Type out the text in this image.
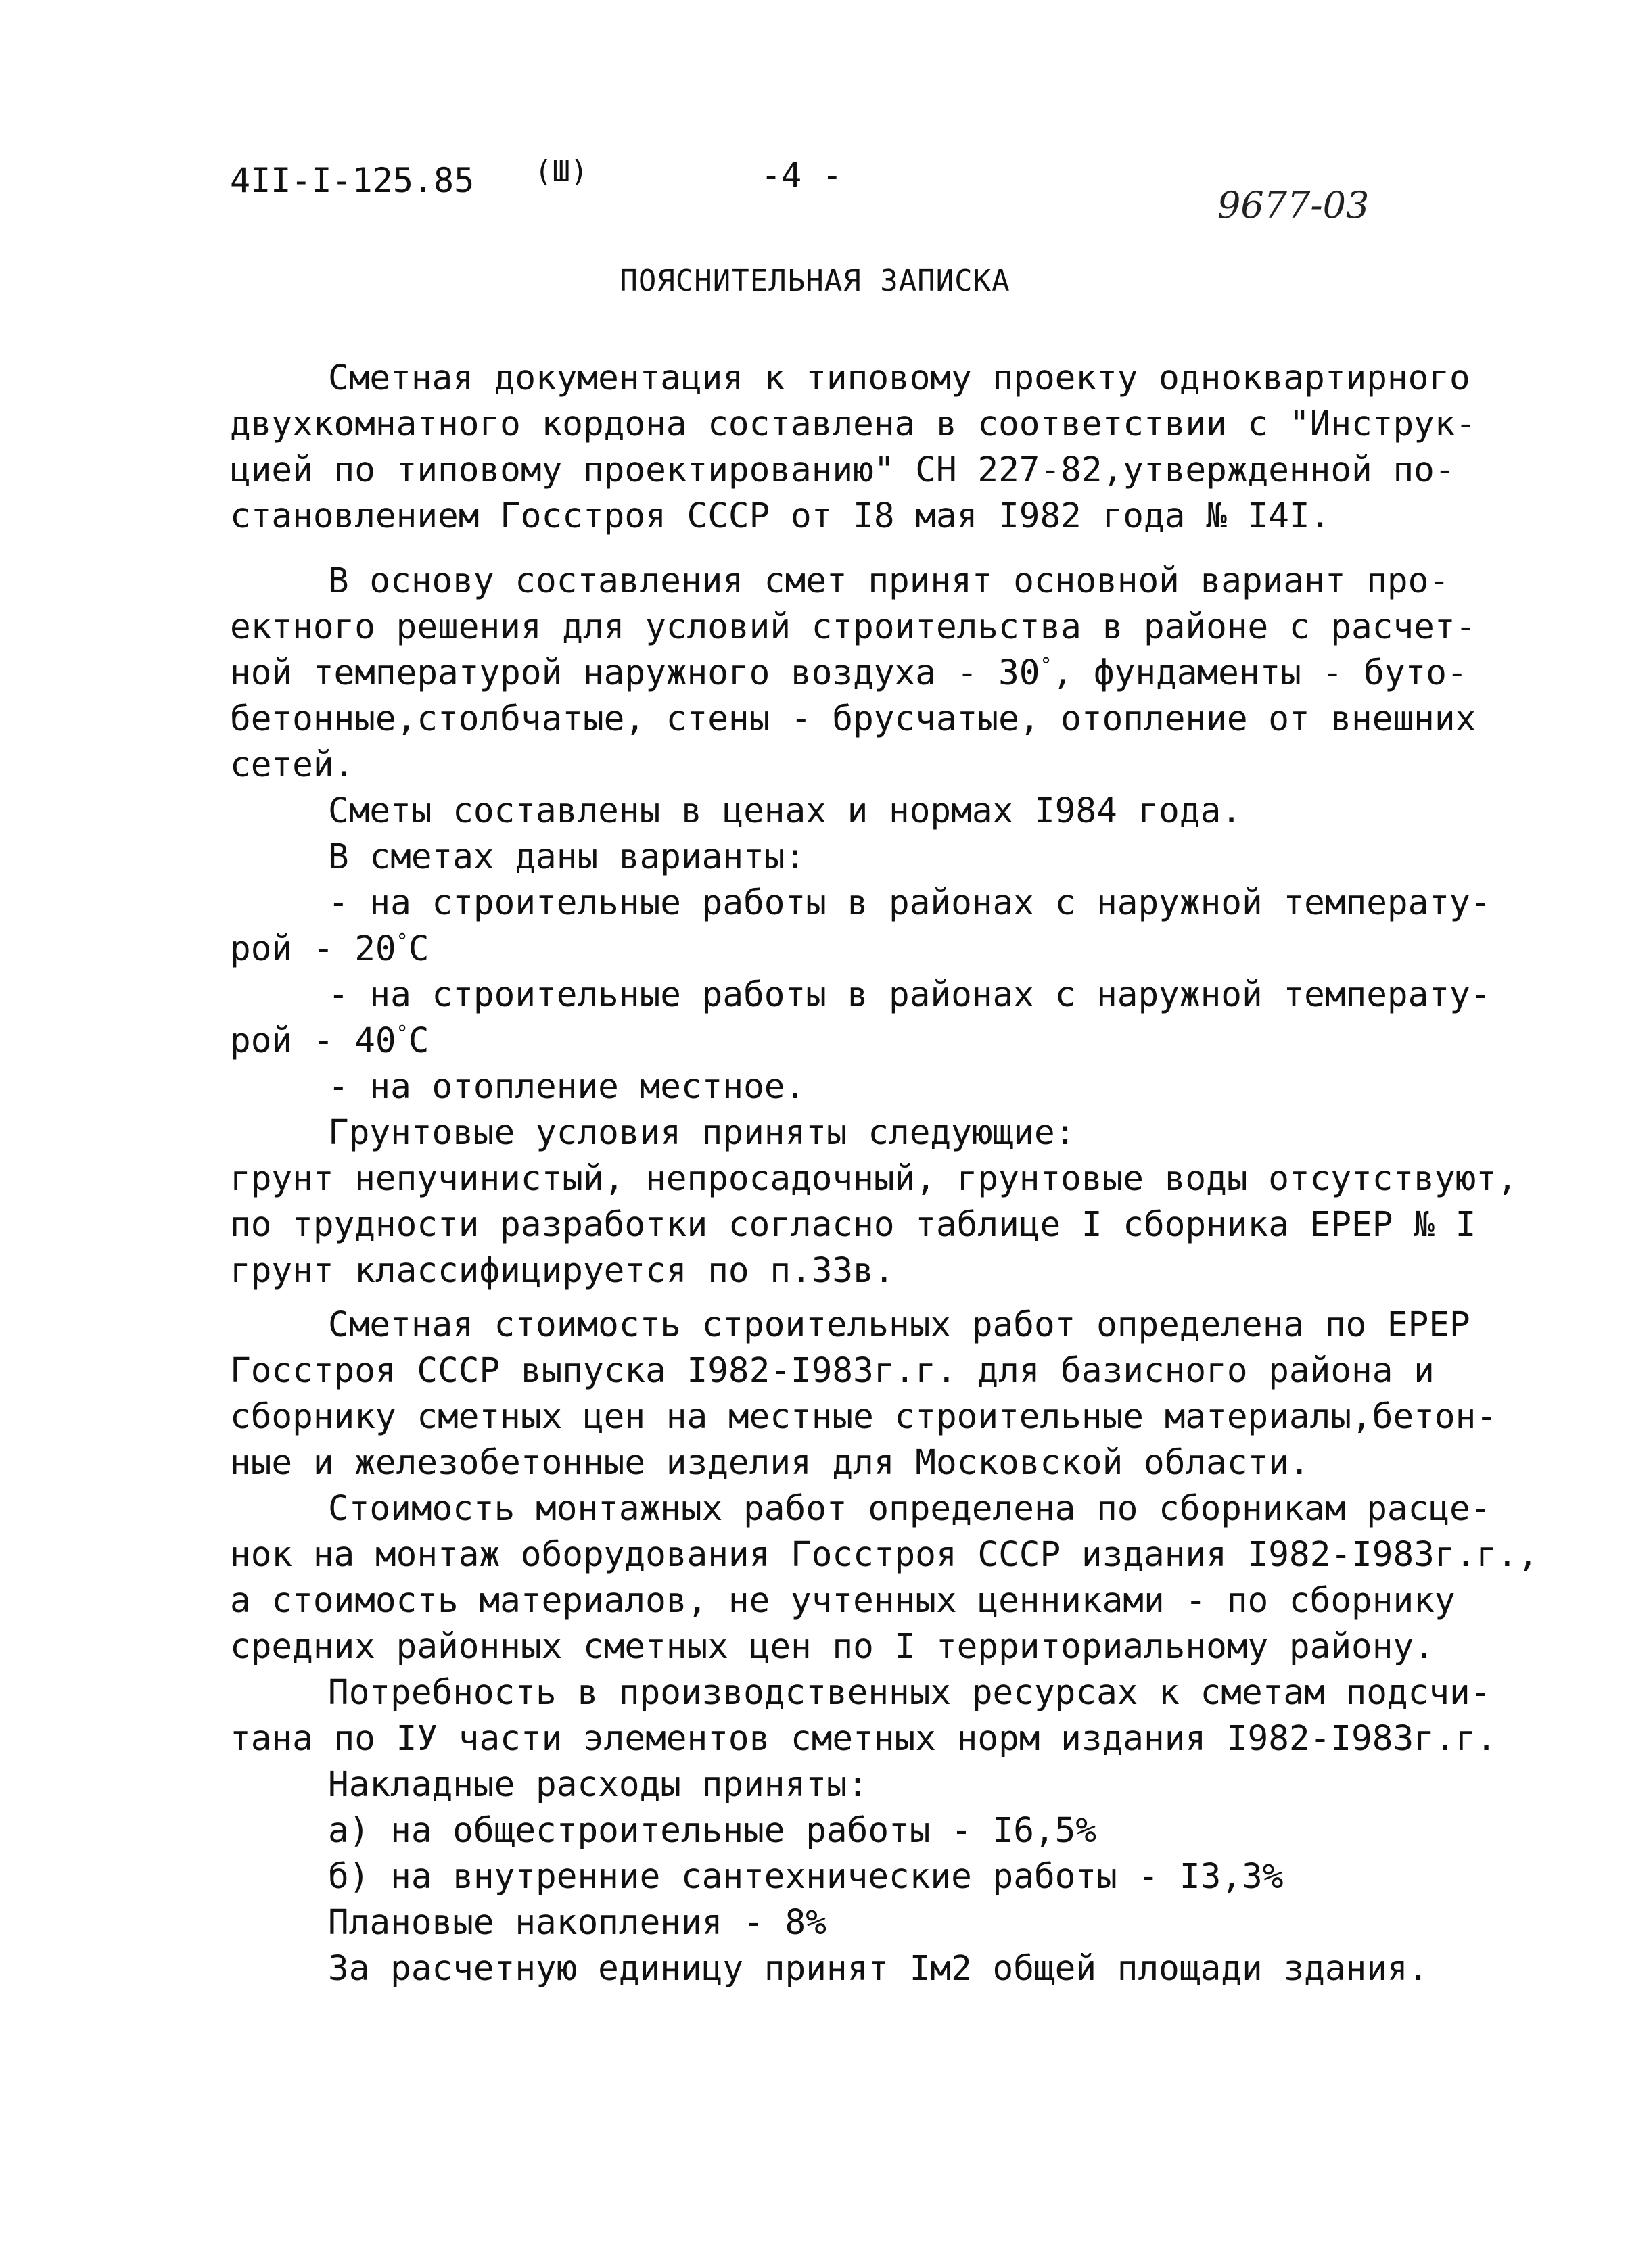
4II-I-125.85 (Ш)	-4 -
9677-03
ПОЯСНИТЕЛЬНАЯ ЗАПИСКА
Сметная документация к типовому проекту одноквартирного
двухкомнатного кордона составлена в соответствии с "Инструк-
цией по типовому проектированию" СН 227-82,утвержденной по-
становлением Госстроя СССР от I8 мая I982 года № I4I.
В основу составления смет принят основной вариант про-
ектного решения для условий строительства в районе с расчет-
ной температурой наружного воздуха - 30°, фундаменты - буто-
бетонные,столбчатые, стены - брусчатые, отопление от внешних
сетей.
Сметы составлены в ценах и нормах I984 года.
В сметах даны варианты:
- на строительные работы в районах с наружной температу-
рой - 20°С
- на строительные работы в районах с наружной температу-
рой - 40°С
- на отопление местное.
Грунтовые условия приняты следующие:
грунт непучинистый, непросадочный, грунтовые воды отсутствуют,
по трудности разработки согласно таблице I сборника ЕРЕР № I
грунт классифицируется по п.33в.
Сметная стоимость строительных работ определена по ЕРЕР
Госстроя СССР выпуска I982-I983г.г. для базисного района и
сборнику сметных цен на местные строительные материалы,бетон-
ные и железобетонные изделия для Московской области.
Стоимость монтажных работ определена по сборникам расце-
нок на монтаж оборудования Госстроя СССР издания I982-I983г.г.,
а стоимость материалов, не учтенных ценниками - по сборнику
средних районных сметных цен по I территориальному району.
Потребность в производственных ресурсах к сметам подсчи-
тана по IУ части элементов сметных норм издания I982-I983г.г.
Накладные расходы приняты:
а) на общестроительные работы - I6,5%
б) на внутренние сантехнические работы - I3,3%
Плановые накопления - 8%
За расчетную единицу принят Iм2 общей площади здания.
